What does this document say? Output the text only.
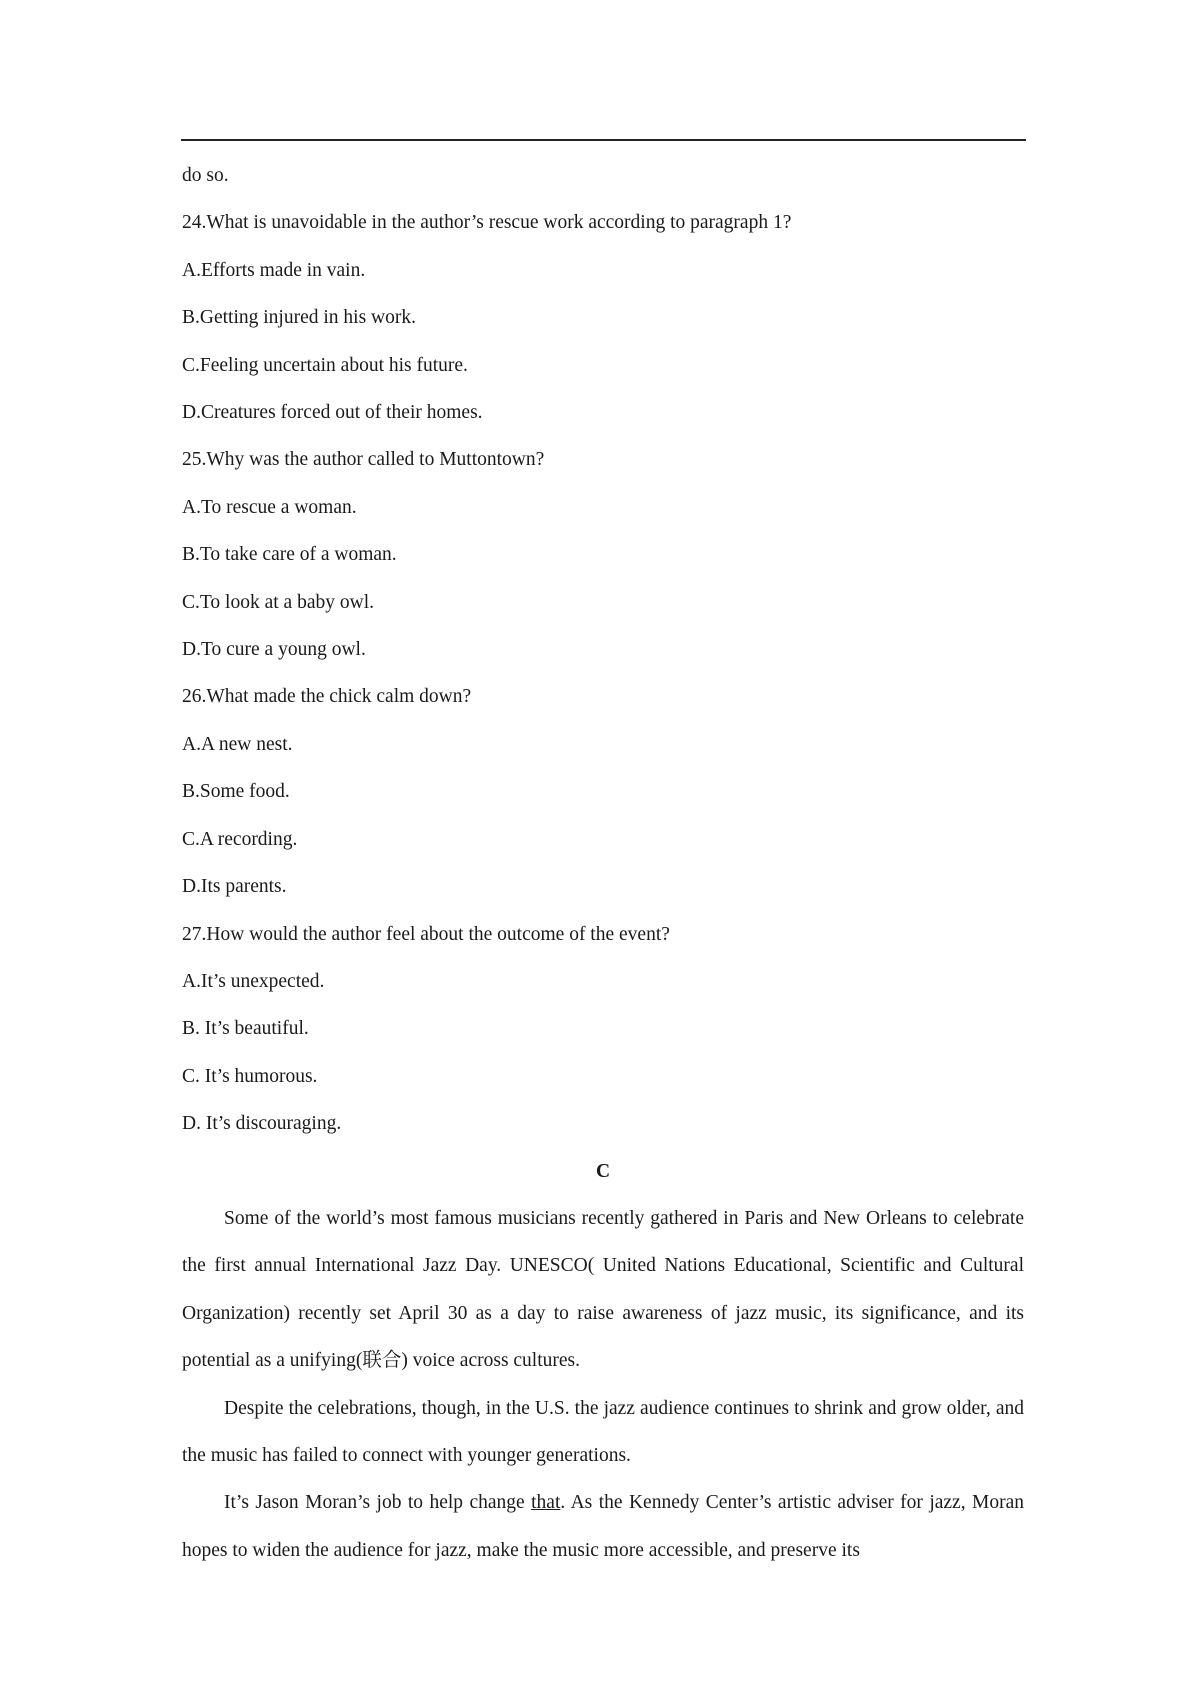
do so.
24.What is unavoidable in the author’s rescue work according to paragraph 1?
A.Efforts made in vain.
B.Getting injured in his work.
C.Feeling uncertain about his future.
D.Creatures forced out of their homes.
25.Why was the author called to Muttontown?
A.To rescue a woman.
B.To take care of a woman.
C.To look at a baby owl.
D.To cure a young owl.
26.What made the chick calm down?
A.A new nest.
B.Some food.
C.A recording.
D.Its parents.
27.How would the author feel about the outcome of the event?
A.It’s unexpected.
B. It’s beautiful.
C. It’s humorous.
D. It’s discouraging.
C

Some of the world’s most famous musicians recently gathered in Paris and New Orleans to celebrate the first annual International Jazz Day. UNESCO( United Nations Educational, Scientific and Cultural Organization) recently set April 30 as a day to raise awareness of jazz music, its significance, and its potential as a unifying(联合) voice across cultures.

Despite the celebrations, though, in the U.S. the jazz audience continues to shrink and grow older, and the music has failed to connect with younger generations.

It’s Jason Moran’s job to help change that. As the Kennedy Center’s artistic adviser for jazz, Moran hopes to widen the audience for jazz, make the music more accessible, and preserve its
